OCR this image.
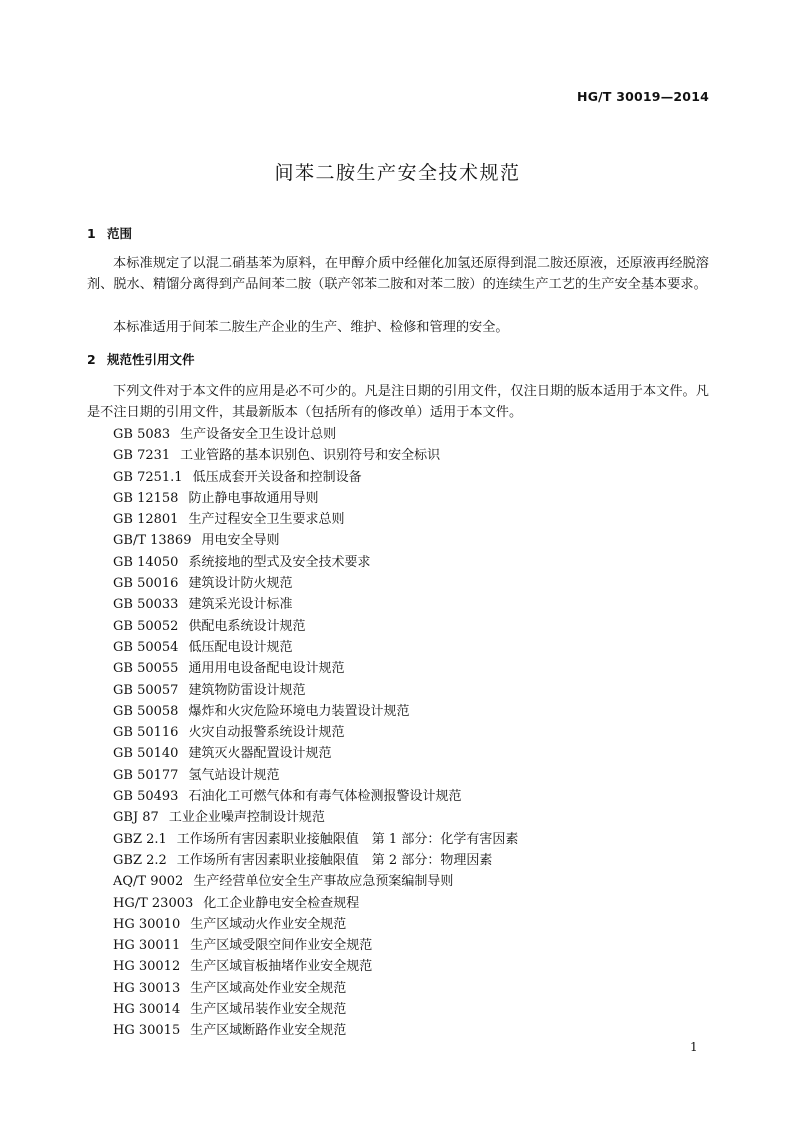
HG/T 30019—2014
间苯二胺生产安全技术规范
1 范围

本标准规定了以混二硝基苯为原料，在甲醇介质中经催化加氢还原得到混二胺还原液，还原液再经脱溶剂、脱水、精馏分离得到产品间苯二胺（联产邻苯二胺和对苯二胺）的连续生产工艺的生产安全基本要求。

本标准适用于间苯二胺生产企业的生产、维护、检修和管理的安全。

2 规范性引用文件

下列文件对于本文件的应用是必不可少的。凡是注日期的引用文件，仅注日期的版本适用于本文件。凡是不注日期的引用文件，其最新版本（包括所有的修改单）适用于本文件。

GB 5083 生产设备安全卫生设计总则
GB 7231 工业管路的基本识别色、识别符号和安全标识
GB 7251.1 低压成套开关设备和控制设备
GB 12158 防止静电事故通用导则
GB 12801 生产过程安全卫生要求总则
GB/T 13869 用电安全导则
GB 14050 系统接地的型式及安全技术要求
GB 50016 建筑设计防火规范
GB 50033 建筑采光设计标准
GB 50052 供配电系统设计规范
GB 50054 低压配电设计规范
GB 50055 通用用电设备配电设计规范
GB 50057 建筑物防雷设计规范
GB 50058 爆炸和火灾危险环境电力装置设计规范
GB 50116 火灾自动报警系统设计规范
GB 50140 建筑灭火器配置设计规范
GB 50177 氢气站设计规范
GB 50493 石油化工可燃气体和有毒气体检测报警设计规范
GBJ 87 工业企业噪声控制设计规范
GBZ 2.1 工作场所有害因素职业接触限值　第 1 部分：化学有害因素
GBZ 2.2 工作场所有害因素职业接触限值　第 2 部分：物理因素
AQ/T 9002 生产经营单位安全生产事故应急预案编制导则
HG/T 23003 化工企业静电安全检查规程
HG 30010 生产区域动火作业安全规范
HG 30011 生产区域受限空间作业安全规范
HG 30012 生产区域盲板抽堵作业安全规范
HG 30013 生产区域高处作业安全规范
HG 30014 生产区域吊装作业安全规范
HG 30015 生产区域断路作业安全规范
1
